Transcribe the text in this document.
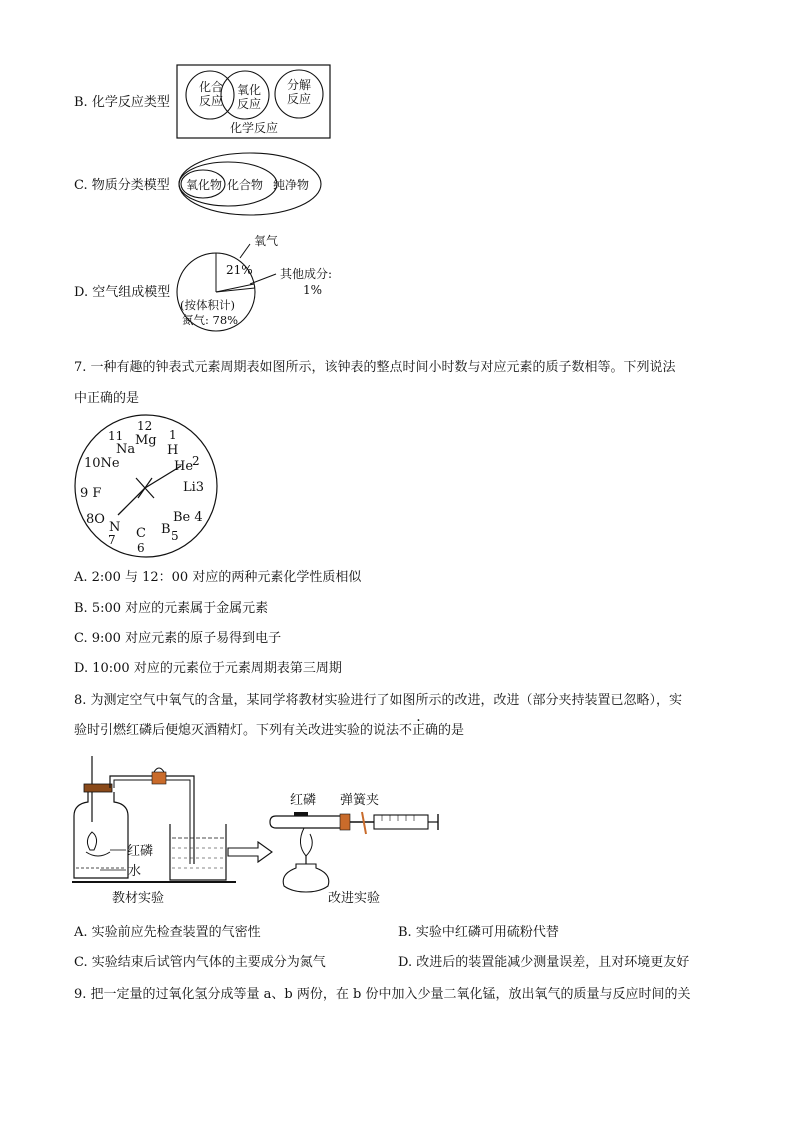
B. 化学反应类型
化合
反应
氧化
反应
分解
反应
化学反应
C. 物质分类模型 氧化物 化合物 纯净物
D. 空气组成模型
氧气
21% 其他成分:
1%
(按体积计)
氮气: 78%
7. 一种有趣的钟表式元素周期表如图所示，该钟表的整点时间小时数与对应元素的质子数相等。下列说法
中正确的是
12
Mg
11
Na
1
H
10Ne	He
2
Li3
9 F
8O	Be 4
B 5
N
7 C
6
A. 2:00 与 12：00 对应的两种元素化学性质相似
B. 5:00 对应的元素属于金属元素
C. 9:00 对应元素的原子易得到电子
D. 10:00 对应的元素位于元素周期表第三周期
8. 为测定空气中氧气的含量，某同学将教材实验进行了如图所示的改进，改进（部分夹持装置已忽略），实
验时引燃红磷后便熄灭酒精灯。下列有关改进实验的说法不正确的是
红磷
水
教材实验
红磷 弹簧夹
改进实验
A. 实验前应先检查装置的气密性	B. 实验中红磷可用硫粉代替
C. 实验结束后试管内气体的主要成分为氮气	D. 改进后的装置能减少测量误差，且对环境更友好
9. 把一定量的过氧化氢分成等量 a、b 两份，在 b 份中加入少量二氧化锰，放出氧气的质量与反应时间的关
